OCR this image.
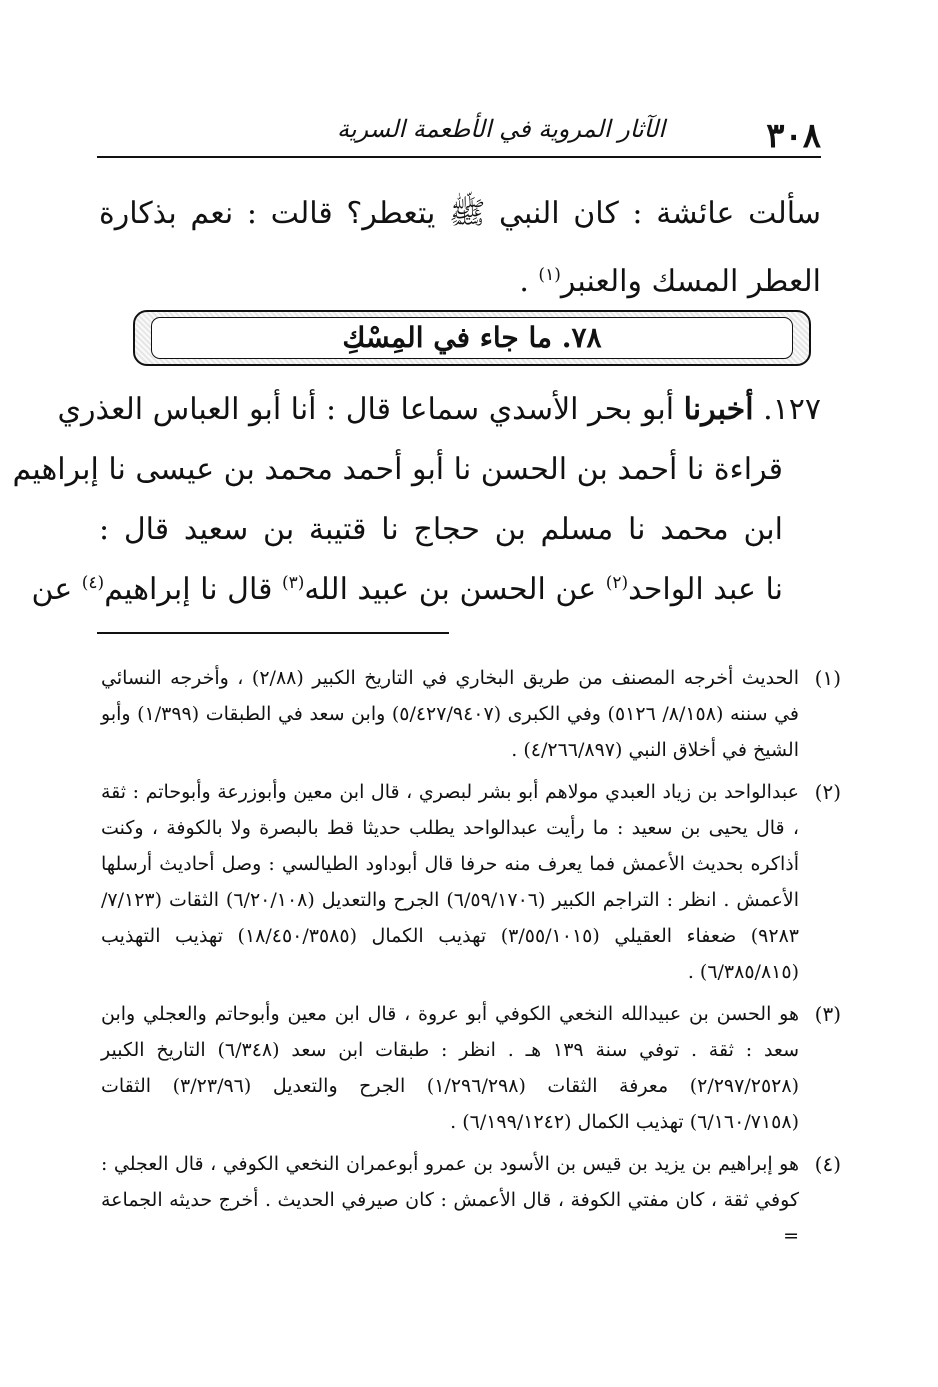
٣٠٨
الآثار المروية في الأطعمة السرية
سألت عائشة : كان النبي ﷺ يتعطر؟ قالت : نعم بذكارة العطر المسك والعنبر$^{(١)}$ .
٧٨. ما جاء في المِسْكِ
١٢٧. أخبرنا أبو بحر الأسدي سماعا قال : أنا أبو العباس العذري
قراءة نا أحمد بن الحسن نا أبو أحمد محمد بن عيسى نا إبراهيم
ابن محمد نا مسلم بن حجاج نا قتيبة بن سعيد قال :
نا عبد الواحد$^{(٢)}$ عن الحسن بن عبيد الله$^{(٣)}$ قال نا إبراهيم$^{(٤)}$ عن
(١)
الحديث أخرجه المصنف من طريق البخاري في التاريخ الكبير (٢/٨٨) ، وأخرجه النسائي في سننه (٨/١٥٨/ ٥١٢٦) وفي الكبرى (٥/٤٢٧/٩٤٠٧) وابن سعد في الطبقات (١/٣٩٩) وأبو الشيخ في أخلاق النبي (٤/٢٦٦/٨٩٧) .
(٢)
عبدالواحد بن زياد العبدي مولاهم أبو بشر لبصري ، قال ابن معين وأبوزرعة وأبوحاتم : ثقة ، قال يحيى بن سعيد : ما رأيت عبدالواحد يطلب حديثا قط بالبصرة ولا بالكوفة ، وكنت أذاكره بحديث الأعمش فما يعرف منه حرفا قال أبوداود الطيالسي : وصل أحاديث أرسلها الأعمش . انظر : التراجم الكبير (٦/٥٩/١٧٠٦) الجرح والتعديل (٦/٢٠/١٠٨) الثقات (٧/١٢٣/ ٩٢٨٣) ضعفاء العقيلي (٣/٥٥/١٠١٥) تهذيب الكمال (١٨/٤٥٠/٣٥٨٥) تهذيب التهذيب (٦/٣٨٥/٨١٥) .
(٣)
هو الحسن بن عبيدالله النخعي الكوفي أبو عروة ، قال ابن معين وأبوحاتم والعجلي وابن سعد : ثقة . توفي سنة ١٣٩ هـ . انظر : طبقات ابن سعد (٦/٣٤٨) التاريخ الكبير (٢/٢٩٧/٢٥٢٨) معرفة الثقات (١/٢٩٦/٢٩٨) الجرح والتعديل (٣/٢٣/٩٦) الثقات (٦/١٦٠/٧١٥٨) تهذيب الكمال (٦/١٩٩/١٢٤٢) .
(٤)
هو إبراهيم بن يزيد بن قيس بن الأسود بن عمرو أبوعمران النخعي الكوفي ، قال العجلي : كوفي ثقة ، كان مفتي الكوفة ، قال الأعمش : كان صيرفي الحديث . أخرج حديثه الجماعة =
